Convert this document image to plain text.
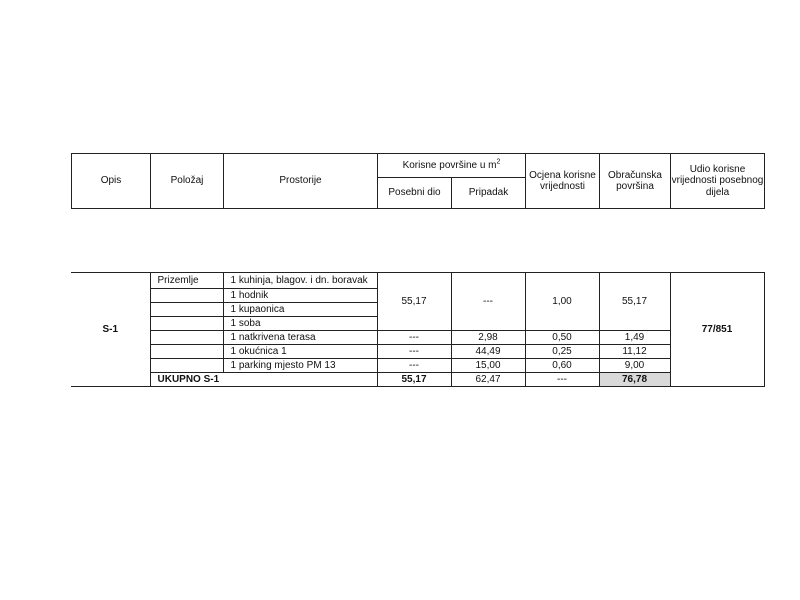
Opis	Položaj	Prostorije	Korisne površine u $m^2$		Ocjena korisne vrijednosti	Obračunska površina	Udio korisne vrijednosti posebnog dijela
			Posebni dio	Pripadak			
S-1	Prizemlje	1 kuhinja, blagov. i dn. boravak	55,17	---	1,00	55,17	77/851
		1 hodnik					
		1 kupaonica					
		1 soba					
		1 natkrivena terasa	---	2,98	0,50	1,49	
		1 okućnica 1	---	44,49	0,25	11,12	
		1 parking mjesto PM 13	---	15,00	0,60	9,00	
	UKUPNO S-1		55,17	62,47	---	76,78	
